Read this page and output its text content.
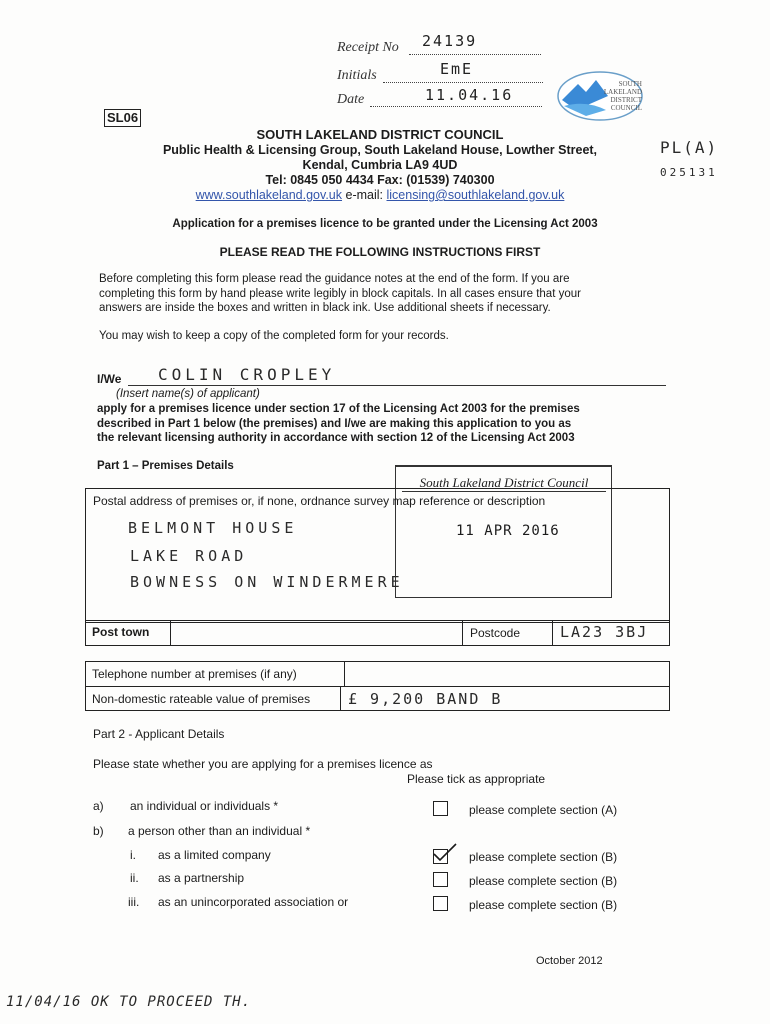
Receipt No 24139
Initials	EmE
Date	11.04.16
SOUTH LAKELAND DISTRICT COUNCIL
SL06
PL(A)
025131
SOUTH LAKELAND DISTRICT COUNCIL
Public Health & Licensing Group, South Lakeland House, Lowther Street,
Kendal, Cumbria LA9 4UD
Tel: 0845 050 4434 Fax: (01539) 740300
www.southlakeland.gov.uk e-mail: licensing@southlakeland.gov.uk
Application for a premises licence to be granted under the Licensing Act 2003
PLEASE READ THE FOLLOWING INSTRUCTIONS FIRST
Before completing this form please read the guidance notes at the end of the form. If you are
completing this form by hand please write legibly in block capitals. In all cases ensure that your
answers are inside the boxes and written in black ink. Use additional sheets if necessary.
You may wish to keep a copy of the completed form for your records.
I/We COLIN CROPLEY
(Insert name(s) of applicant)
apply for a premises licence under section 17 of the Licensing Act 2003 for the premises
described in Part 1 below (the premises) and I/we are making this application to you as
the relevant licensing authority in accordance with section 12 of the Licensing Act 2003
Part 1 – Premises Details
South Lakeland District Council
11 APR 2016
Postal address of premises or, if none, ordnance survey map reference or description
BELMONT HOUSE
LAKE ROAD
BOWNESS ON WINDERMERE
Post town	Postcode	LA23 3BJ
Telephone number at premises (if any)
Non-domestic rateable value of premises	£ 9,200 BAND B
Part 2 - Applicant Details
Please state whether you are applying for a premises licence as
Please tick as appropriate
a) an individual or individuals *	please complete section (A)
b) a person other than an individual *
i. as a limited company	please complete section (B)
ii. as a partnership	please complete section (B)
iii. as an unincorporated association or	please complete section (B)
October 2012
11/04/16 OK TO PROCEED TH.
